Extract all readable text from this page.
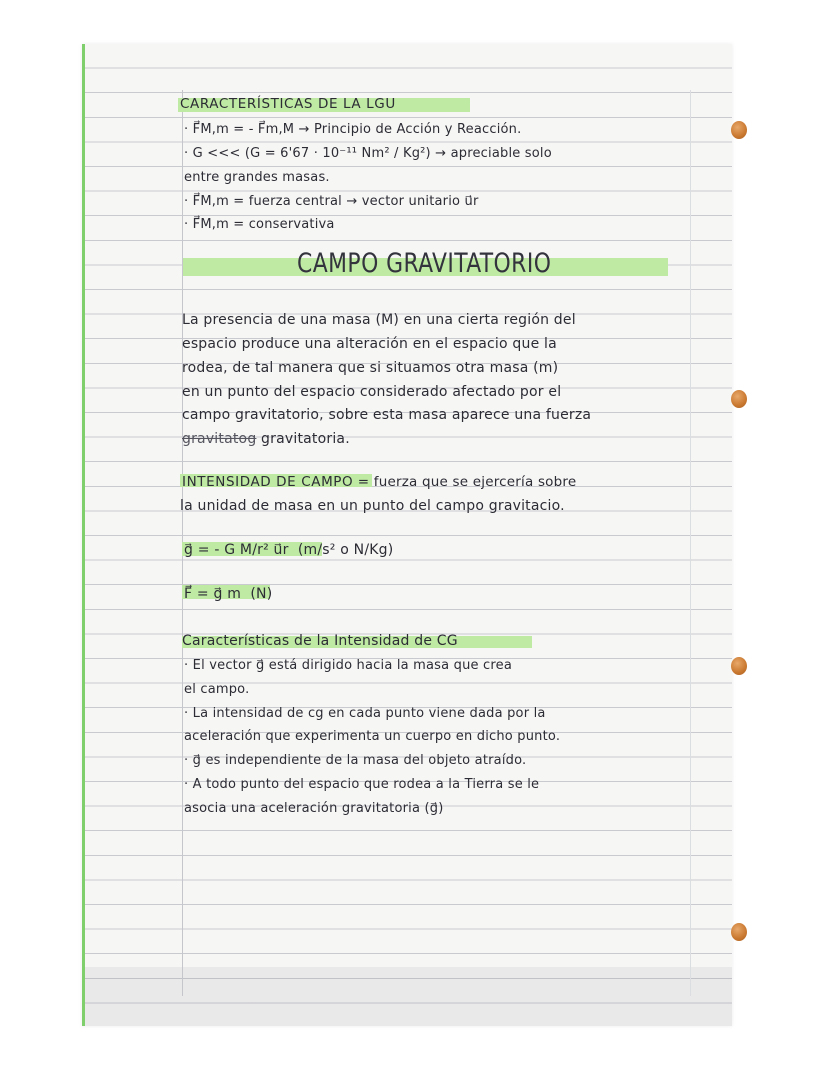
CARACTERÍSTICAS DE LA LGU
· F⃗M,m = - F⃗m,M → Principio de Acción y Reacción.
· G <<< (G = 6'67 · 10⁻¹¹ Nm² / Kg²) → apreciable solo
entre grandes masas.
· F⃗M,m = fuerza central → vector unitario u⃗r
· F⃗M,m = conservativa
CAMPO GRAVITATORIO
La presencia de una masa (M) en una cierta región del
espacio produce una alteración en el espacio que la
rodea, de tal manera que si situamos otra masa (m)
en un punto del espacio considerado afectado por el
campo gravitatorio, sobre esta masa aparece una fuerza
gravitatog gravitatoria.
INTENSIDAD DE CAMPO = fuerza que se ejercería sobre
la unidad de masa en un punto del campo gravitacio.
g⃗ = - G M/r² u⃗r (m/s² o N/Kg)
F⃗ = g⃗ m (N)
Características de la Intensidad de CG
· El vector g⃗ está dirigido hacia la masa que crea
el campo.
· La intensidad de cg en cada punto viene dada por la
aceleración que experimenta un cuerpo en dicho punto.
· g⃗ es independiente de la masa del objeto atraído.
· A todo punto del espacio que rodea a la Tierra se le
asocia una aceleración gravitatoria (g⃗)
